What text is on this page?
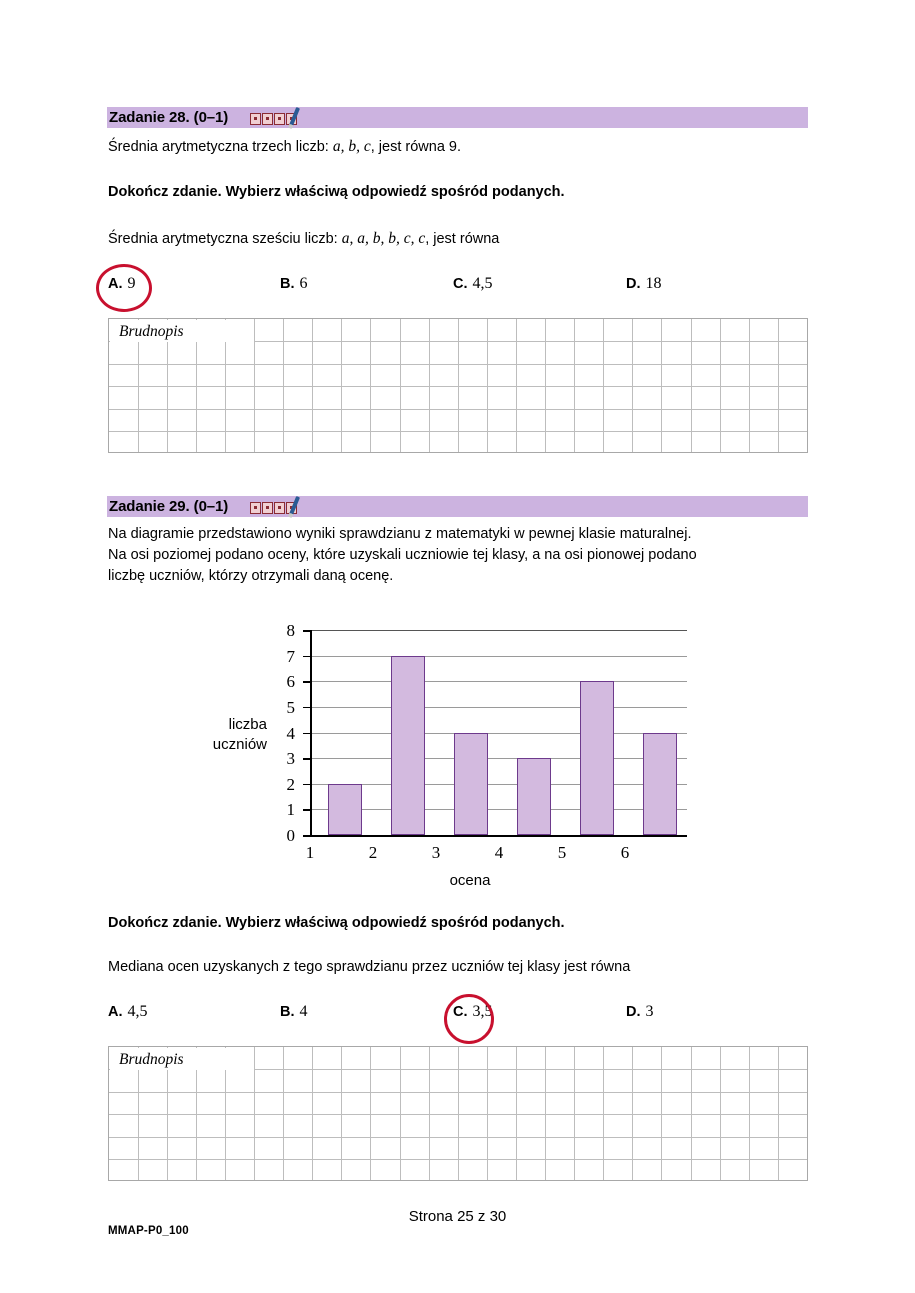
Zadanie 28. (0–1)
Średnia arytmetyczna trzech liczb: a, b, c, jest równa 9.
Dokończ zdanie. Wybierz właściwą odpowiedź spośród podanych.
Średnia arytmetyczna sześciu liczb: a, a, b, b, c, c, jest równa
A. 9	B. 6	C. 4,5	D. 18
Brudnopis
Zadanie 29. (0–1)
Na diagramie przedstawiono wyniki sprawdzianu z matematyki w pewnej klasie maturalnej.
Na osi poziomej podano oceny, które uzyskali uczniowie tej klasy, a na osi pionowej podano
liczbę uczniów, którzy otrzymali daną ocenę.
8
7
6
5
4
3
2
1
0
liczba
uczniów
1	2	3	4	5	6
ocena
Dokończ zdanie. Wybierz właściwą odpowiedź spośród podanych.
Mediana ocen uzyskanych z tego sprawdzianu przez uczniów tej klasy jest równa
A. 4,5	B. 4	C. 3,5	D. 3
Brudnopis
Strona 25 z 30
MMAP-P0_100
